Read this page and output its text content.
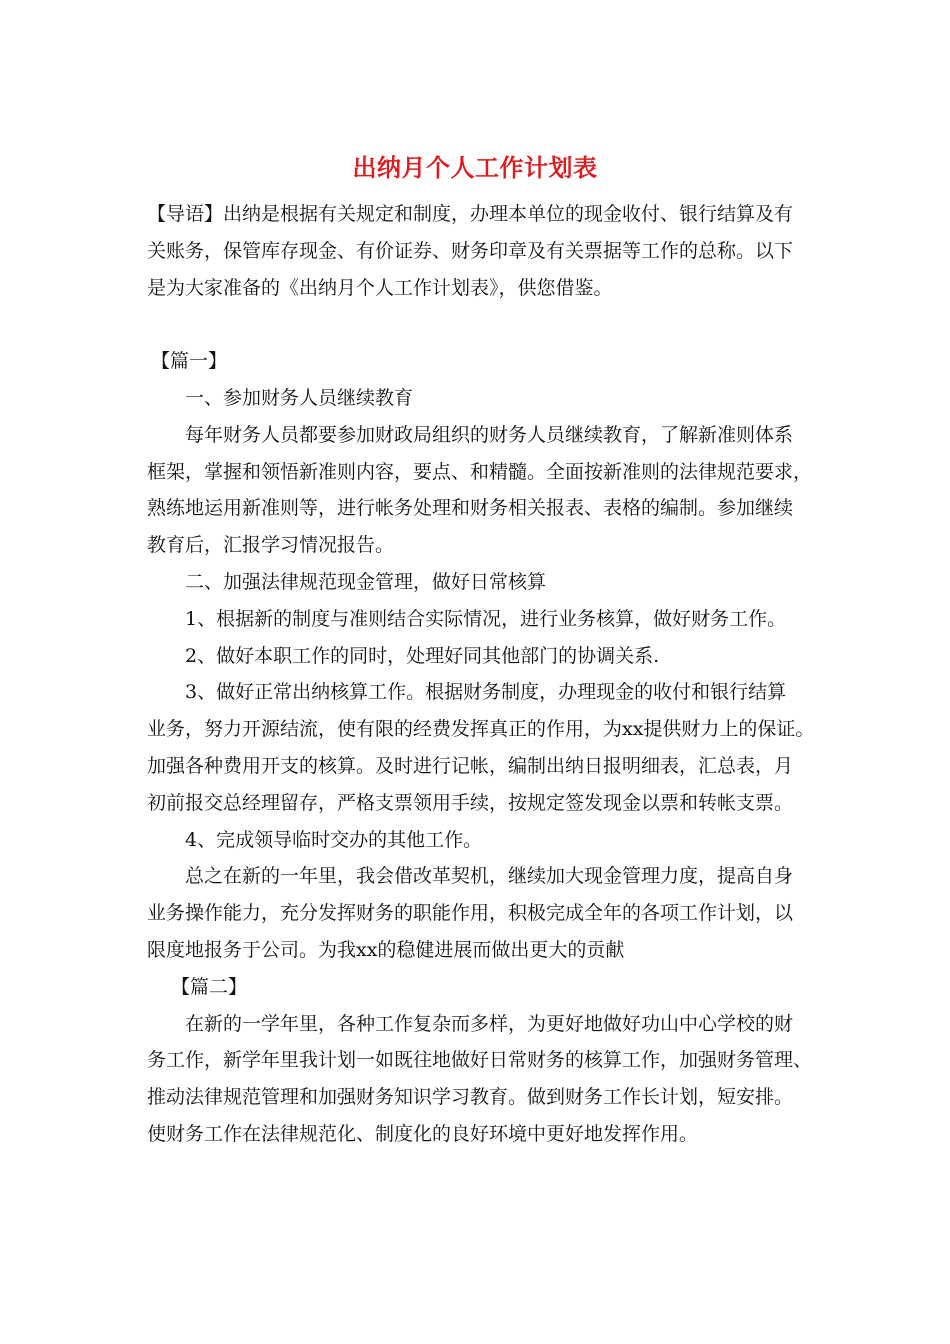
出纳月个人工作计划表
【导语】出纳是根据有关规定和制度，办理本单位的现金收付、银行结算及有
关账务，保管库存现金、有价证券、财务印章及有关票据等工作的总称。以下
是为大家准备的《出纳月个人工作计划表》，供您借鉴。
【篇一】
一、参加财务人员继续教育
每年财务人员都要参加财政局组织的财务人员继续教育，了解新准则体系
框架，掌握和领悟新准则内容，要点、和精髓。全面按新准则的法律规范要求，
熟练地运用新准则等，进行帐务处理和财务相关报表、表格的编制。参加继续
教育后，汇报学习情况报告。
二、加强法律规范现金管理，做好日常核算
1、根据新的制度与准则结合实际情况，进行业务核算，做好财务工作。
2、做好本职工作的同时，处理好同其他部门的协调关系.
3、做好正常出纳核算工作。根据财务制度，办理现金的收付和银行结算
业务，努力开源结流，使有限的经费发挥真正的作用，为xx提供财力上的保证。
加强各种费用开支的核算。及时进行记帐，编制出纳日报明细表，汇总表，月
初前报交总经理留存，严格支票领用手续，按规定签发现金以票和转帐支票。
4、完成领导临时交办的其他工作。
总之在新的一年里，我会借改革契机，继续加大现金管理力度，提高自身
业务操作能力，充分发挥财务的职能作用，积极完成全年的各项工作计划，以
限度地报务于公司。为我xx的稳健进展而做出更大的贡献
【篇二】
在新的一学年里，各种工作复杂而多样，为更好地做好功山中心学校的财
务工作，新学年里我计划一如既往地做好日常财务的核算工作，加强财务管理、
推动法律规范管理和加强财务知识学习教育。做到财务工作长计划，短安排。
使财务工作在法律规范化、制度化的良好环境中更好地发挥作用。
